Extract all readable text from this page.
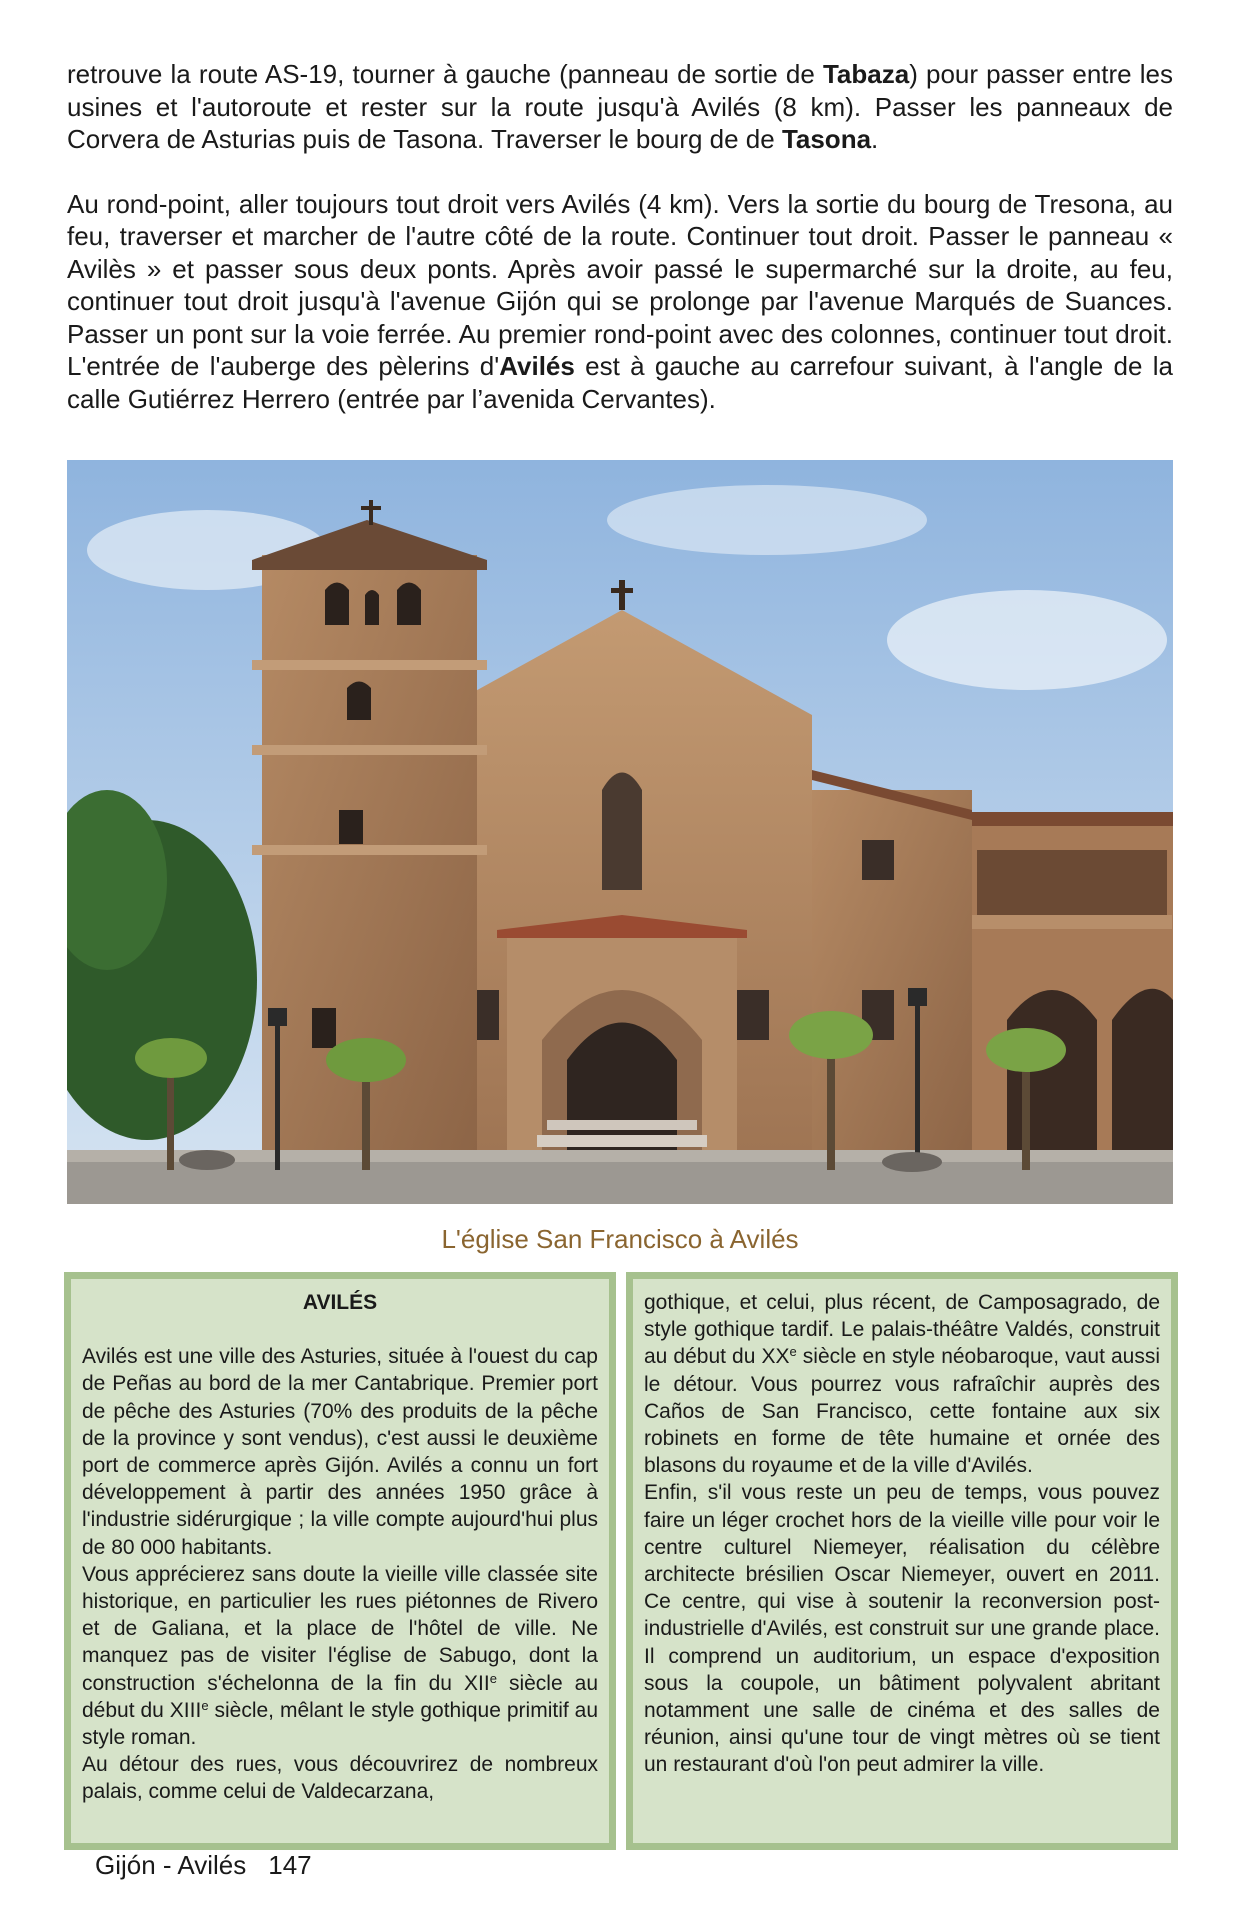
retrouve la route AS-19, tourner à gauche (panneau de sortie de Tabaza) pour passer entre les usines et l'autoroute et rester sur la route jusqu'à Avilés (8 km). Passer les panneaux de Corvera de Asturias puis de Tasona. Traverser le bourg de de Tasona.

Au rond-point, aller toujours tout droit vers Avilés (4 km). Vers la sortie du bourg de Tresona, au feu, traverser et marcher de l'autre côté de la route. Continuer tout droit. Passer le panneau « Avilès » et passer sous deux ponts. Après avoir passé le supermarché sur la droite, au feu, continuer tout droit jusqu'à l'avenue Gijón qui se prolonge par l'avenue Marqués de Suances. Passer un pont sur la voie ferrée. Au premier rond-point avec des colonnes, continuer tout droit. L'entrée de l'auberge des pèlerins d'Avilés est à gauche au carrefour suivant, à l'angle de la calle Gutiérrez Herrero (entrée par l’avenida Cervantes).

L'église San Francisco à Avilés

AVILÉS

Avilés est une ville des Asturies, située à l'ouest du cap de Peñas au bord de la mer Cantabrique. Premier port de pêche des Asturies (70% des produits de la pêche de la province y sont vendus), c'est aussi le deuxième port de commerce après Gijón. Avilés a connu un fort développement à partir des années 1950 grâce à l'industrie sidérurgique ; la ville compte aujourd'hui plus de 80 000 habitants.

Vous apprécierez sans doute la vieille ville classée site historique, en particulier les rues piétonnes de Rivero et de Galiana, et la place de l'hôtel de ville. Ne manquez pas de visiter l'église de Sabugo, dont la construction s'échelonna de la fin du XIIe siècle au début du XIIIe siècle, mêlant le style gothique primitif au style roman.

Au détour des rues, vous découvrirez de nombreux palais, comme celui de Valdecarzana,

gothique, et celui, plus récent, de Camposagrado, de style gothique tardif. Le palais-théâtre Valdés, construit au début du XXe siècle en style néobaroque, vaut aussi le détour. Vous pourrez vous rafraîchir auprès des Caños de San Francisco, cette fontaine aux six robinets en forme de tête humaine et ornée des blasons du royaume et de la ville d'Avilés.

Enfin, s'il vous reste un peu de temps, vous pouvez faire un léger crochet hors de la vieille ville pour voir le centre culturel Niemeyer, réalisation du célèbre architecte brésilien Oscar Niemeyer, ouvert en 2011. Ce centre, qui vise à soutenir la reconversion post-industrielle d'Avilés, est construit sur une grande place. Il comprend un auditorium, un espace d'exposition sous la coupole, un bâtiment polyvalent abritant notamment une salle de cinéma et des salles de réunion, ainsi qu'une tour de vingt mètres où se tient un restaurant d'où l'on peut admirer la ville.

Gijón - Avilés 147
